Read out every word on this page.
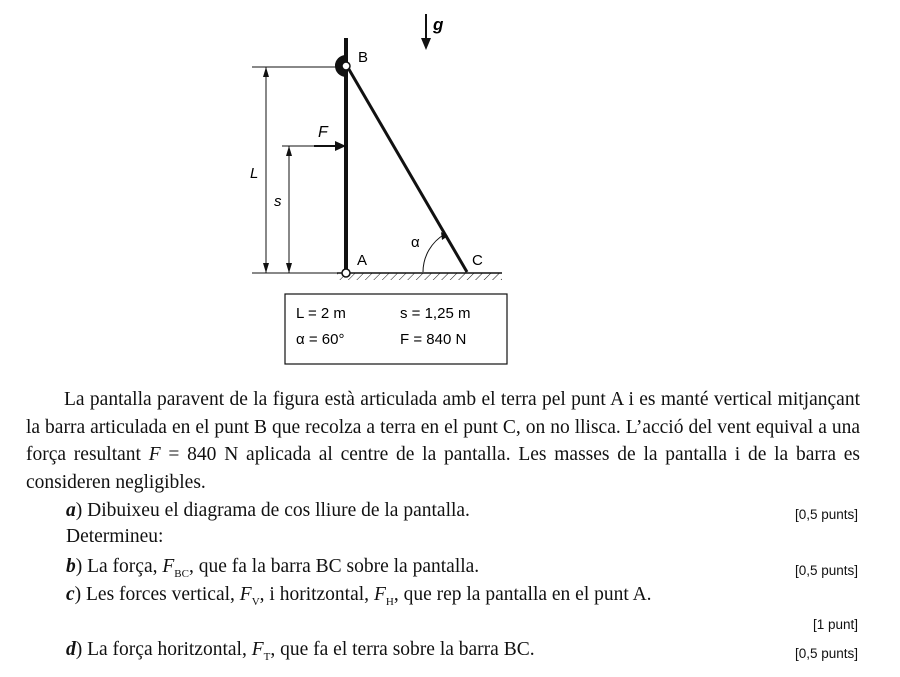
g
L
s
B
F
A
α
C
L = 2 m	s = 1,25 m
α = 60°	F = 840 N
La pantalla paravent de la figura està articulada amb el terra pel punt A i es manté vertical mitjançant la barra articulada en el punt B que recolza a terra en el punt C, on no llisca. L’acció del vent equival a una força resultant F = 840 N aplicada al centre de la pantalla. Les masses de la pantalla i de la barra es consideren negligibles.
a) Dibuixeu el diagrama de cos lliure de la pantalla.	[0,5 punts]
Determineu:
b) La força, $F_{BC}$, que fa la barra BC sobre la pantalla.	[0,5 punts]
c) Les forces vertical, $F_V$, i horitzontal, $F_H$, que rep la pantalla en el punt A.
[1 punt]
d) La força horitzontal, $F_T$, que fa el terra sobre la barra BC.	[0,5 punts]
